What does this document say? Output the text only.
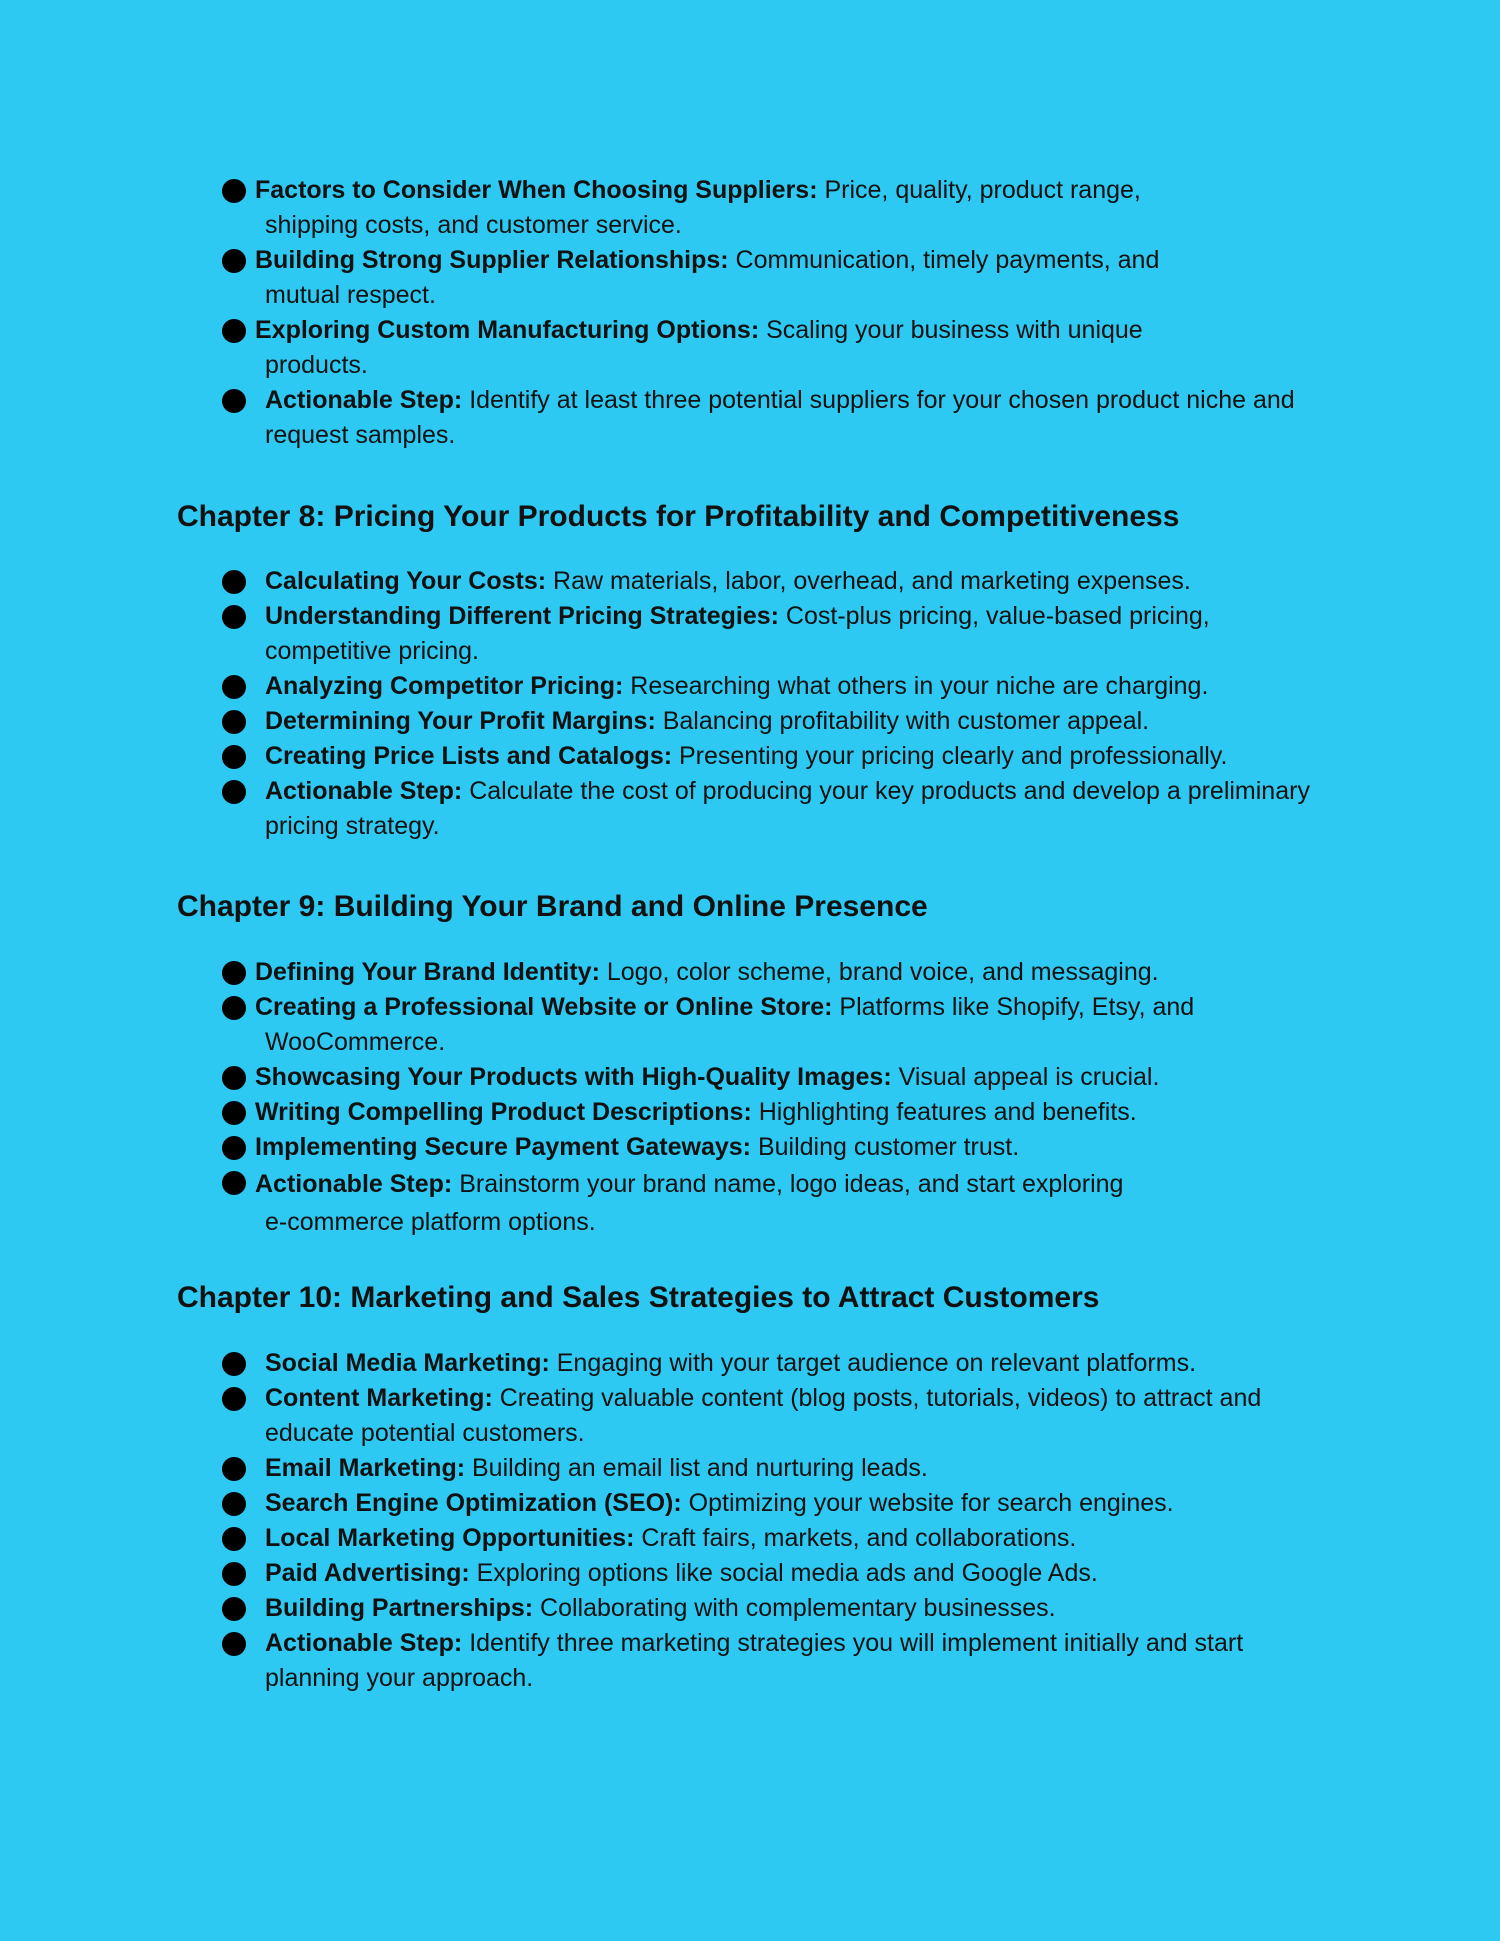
Factors to Consider When Choosing Suppliers: Price, quality, product range,
shipping costs, and customer service.
Building Strong Supplier Relationships: Communication, timely payments, and
mutual respect.
Exploring Custom Manufacturing Options: Scaling your business with unique
products.
Actionable Step: Identify at least three potential suppliers for your chosen product niche and request samples.
Chapter 8: Pricing Your Products for Profitability and Competitiveness
Calculating Your Costs: Raw materials, labor, overhead, and marketing expenses.
Understanding Different Pricing Strategies: Cost-plus pricing, value-based pricing, competitive pricing.
Analyzing Competitor Pricing: Researching what others in your niche are charging.
Determining Your Profit Margins: Balancing profitability with customer appeal.
Creating Price Lists and Catalogs: Presenting your pricing clearly and professionally.
Actionable Step: Calculate the cost of producing your key products and develop a preliminary pricing strategy.
Chapter 9: Building Your Brand and Online Presence
Defining Your Brand Identity: Logo, color scheme, brand voice, and messaging.
Creating a Professional Website or Online Store: Platforms like Shopify, Etsy, and
WooCommerce.
Showcasing Your Products with High-Quality Images: Visual appeal is crucial.
Writing Compelling Product Descriptions: Highlighting features and benefits.
Implementing Secure Payment Gateways: Building customer trust.
Actionable Step: Brainstorm your brand name, logo ideas, and start exploring
e-commerce platform options.
Chapter 10: Marketing and Sales Strategies to Attract Customers
Social Media Marketing: Engaging with your target audience on relevant platforms.
Content Marketing: Creating valuable content (blog posts, tutorials, videos) to attract and educate potential customers.
Email Marketing: Building an email list and nurturing leads.
Search Engine Optimization (SEO): Optimizing your website for search engines.
Local Marketing Opportunities: Craft fairs, markets, and collaborations.
Paid Advertising: Exploring options like social media ads and Google Ads.
Building Partnerships: Collaborating with complementary businesses.
Actionable Step: Identify three marketing strategies you will implement initially and start planning your approach.
